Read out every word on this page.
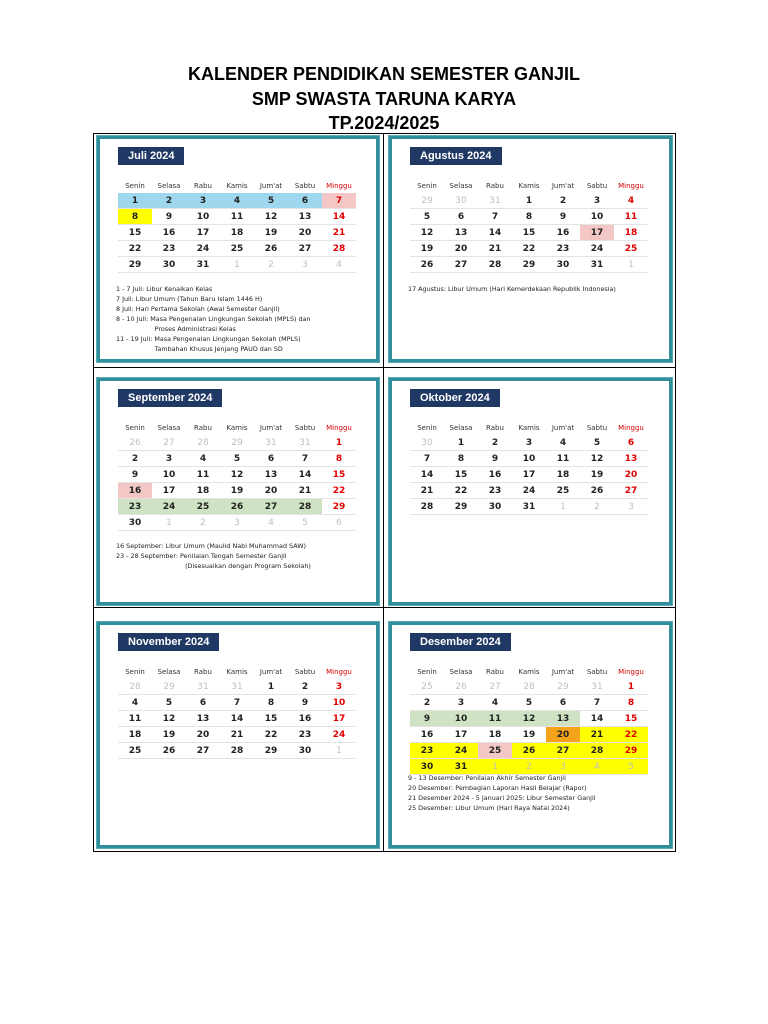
KALENDER PENDIDIKAN SEMESTER GANJIL
SMP SWASTA TARUNA KARYA
TP.2024/2025
Juli 2024
Senin	Selasa	Rabu	Kamis	Jum'at	Sabtu	Minggu
1	2	3	4	5	6	7
8	9	10	11	12	13	14
15	16	17	18	19	20	21
22	23	24	25	26	27	28
29	30	31	1	2	3	4
1 - 7 Juli: Libur Kenaikan Kelas
7 Juli: Libur Umum (Tahun Baru Islam 1446 H)
8 Juli: Hari Pertama Sekolah (Awal Semester Ganjil)
8 - 10 Juli: Masa Pengenalan Lingkungan Sekolah (MPLS) dan
Proses Administrasi Kelas
11 - 19 Juli: Masa Pengenalan Lingkungan Sekolah (MPLS)
Tambahan Khusus Jenjang PAUD dan SD
Agustus 2024
Senin	Selasa	Rabu	Kamis	Jum'at	Sabtu	Minggu
29	30	31	1	2	3	4
5	6	7	8	9	10	11
12	13	14	15	16	17	18
19	20	21	22	23	24	25
26	27	28	29	30	31	1
17 Agustus: Libur Umum (Hari Kemerdekaan Republik Indonesia)
September 2024
Senin	Selasa	Rabu	Kamis	Jum'at	Sabtu	Minggu
26	27	28	29	31	31	1
2	3	4	5	6	7	8
9	10	11	12	13	14	15
16	17	18	19	20	21	22
23	24	25	26	27	28	29
30	1	2	3	4	5	6
16 September: Libur Umum (Maulid Nabi Muhammad SAW)
23 - 28 September: Penilaian Tengah Semester Ganjil
(Disesuaikan dengan Program Sekolah)
Oktober 2024
Senin	Selasa	Rabu	Kamis	Jum'at	Sabtu	Minggu
30	1	2	3	4	5	6
7	8	9	10	11	12	13
14	15	16	17	18	19	20
21	22	23	24	25	26	27
28	29	30	31	1	2	3
November 2024
Senin	Selasa	Rabu	Kamis	Jum'at	Sabtu	Minggu
28	29	31	31	1	2	3
4	5	6	7	8	9	10
11	12	13	14	15	16	17
18	19	20	21	22	23	24
25	26	27	28	29	30	1
Desember 2024
Senin	Selasa	Rabu	Kamis	Jum'at	Sabtu	Minggu
25	26	27	28	29	31	1
2	3	4	5	6	7	8
9	10	11	12	13	14	15
16	17	18	19	20	21	22
23	24	25	26	27	28	29
30	31	1	2	3	4	5
9 - 13 Desember: Penilaian Akhir Semester Ganjil
20 Desember: Pembagian Laporan Hasil Belajar (Rapor)
21 Desember 2024 - 5 Januari 2025: Libur Semester Ganjil
25 Desember: Libur Umum (Hari Raya Natal 2024)
